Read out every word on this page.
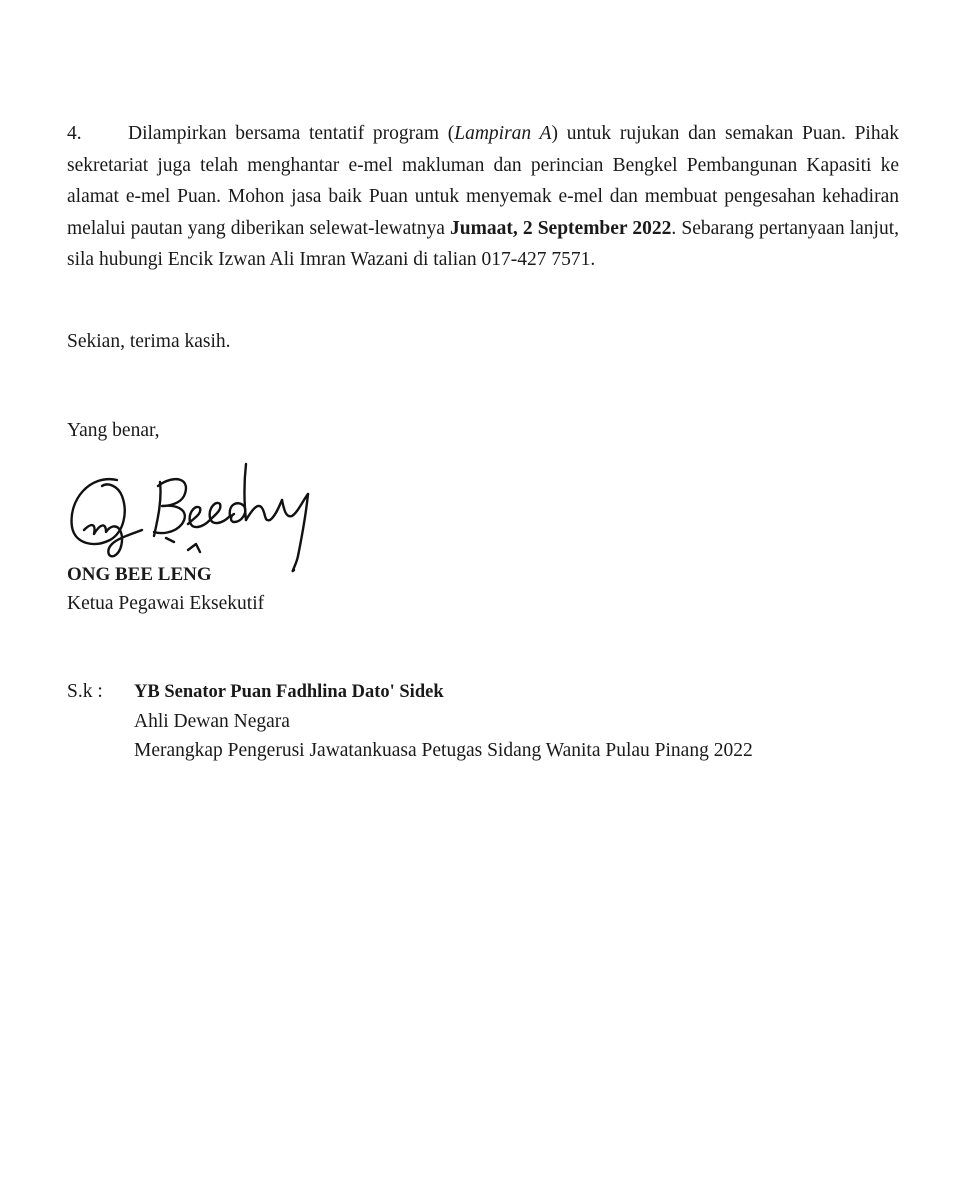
4. Dilampirkan bersama tentatif program (Lampiran A) untuk rujukan dan semakan Puan. Pihak sekretariat juga telah menghantar e-mel makluman dan perincian Bengkel Pembangunan Kapasiti ke alamat e-mel Puan. Mohon jasa baik Puan untuk menyemak e-mel dan membuat pengesahan kehadiran melalui pautan yang diberikan selewat-lewatnya Jumaat, 2 September 2022. Sebarang pertanyaan lanjut, sila hubungi Encik Izwan Ali Imran Wazani di talian 017-427 7571.
Sekian, terima kasih.
Yang benar,
ONG BEE LENG
Ketua Pegawai Eksekutif
S.k : YB Senator Puan Fadhlina Dato' Sidek
Ahli Dewan Negara
Merangkap Pengerusi Jawatankuasa Petugas Sidang Wanita Pulau Pinang 2022
